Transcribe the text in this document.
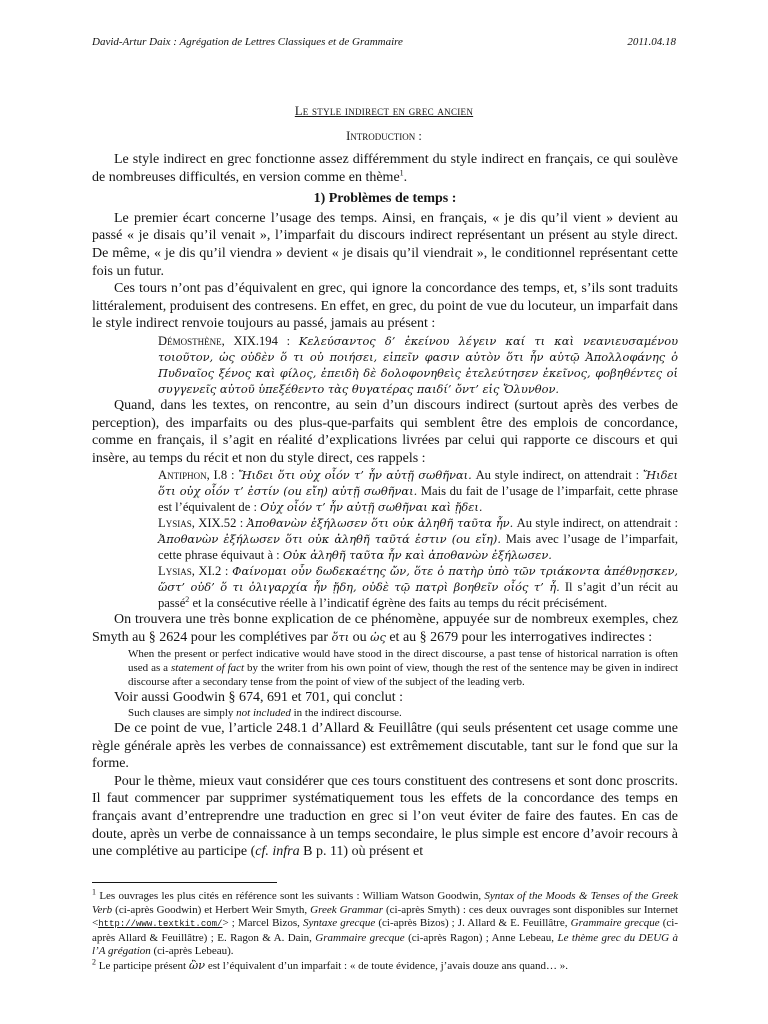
David-Artur Daix : Agrégation de Lettres Classiques et de Grammaire	2011.04.18
Le style indirect en grec ancien
Introduction :

Le style indirect en grec fonctionne assez différemment du style indirect en français, ce qui soulève de nombreuses difficultés, en version comme en thème$^1$.

1) Problèmes de temps :

Le premier écart concerne l’usage des temps. Ainsi, en français, « je dis qu’il vient » devient au passé « je disais qu’il venait », l’imparfait du discours indirect représentant un présent au style direct. De même, « je dis qu’il viendra » devient « je disais qu’il viendrait », le conditionnel représentant cette fois un futur.

Ces tours n’ont pas d’équivalent en grec, qui ignore la concordance des temps, et, s’ils sont traduits littéralement, produisent des contresens. En effet, en grec, du point de vue du locuteur, un imparfait dans le style indirect renvoie toujours au passé, jamais au présent :

Démosthène, XIX.194 : Κελεύσαντος δ’ ἐκείνου λέγειν καί τι καὶ νεανιευσαμένου τοιοῦτον, ὡς οὐδὲν ὅ τι οὐ ποιήσει, εἰπεῖν φασιν αὐτὸν ὅτι ἦν αὐτῷ Ἀπολλοφάνης ὁ Πυδναῖος ξένος καὶ φίλος, ἐπειδὴ δὲ δολοφονηθεὶς ἐτελεύτησεν ἐκεῖνος, φοβηθέντες οἱ συγγενεῖς αὐτοῦ ὑπεξέθεντο τὰς θυγατέρας παιδί’ ὄντ’ εἰς Ὄλυνθον.

Quand, dans les textes, on rencontre, au sein d’un discours indirect (surtout après des verbes de perception), des imparfaits ou des plus-que-parfaits qui semblent être des emplois de concordance, comme en français, il s’agit en réalité d’explications livrées par celui qui rapporte ce discours et qui insère, au temps du récit et non du style direct, ces rappels :

Antiphon, I.8 : Ἤιδει ὅτι οὐχ οἷόν τ’ ἦν αὐτῇ σωθῆναι. Au style indirect, on attendrait : Ἤιδει ὅτι οὐχ οἷόν τ’ ἐστίν (ou εἴη) αὐτῇ σωθῆναι. Mais du fait de l’usage de l’imparfait, cette phrase est l’équivalent de : Οὐχ οἷόν τ’ ἦν αὐτῇ σωθῆναι καὶ ᾔδει.
Lysias, XIX.52 : Ἀποθανὼν ἐξήλωσεν ὅτι οὐκ ἀληθῆ ταῦτα ἦν. Au style indirect, on attendrait : Ἀποθανὼν ἐξήλωσεν ὅτι οὐκ ἀληθῆ ταῦτά ἐστιν (ou εἴη). Mais avec l’usage de l’imparfait, cette phrase équivaut à : Οὐκ ἀληθῆ ταῦτα ἦν καὶ ἀποθανὼν ἐξήλωσεν.
Lysias, XI.2 : Φαίνομαι οὖν δωδεκαέτης ὤν, ὅτε ὁ πατὴρ ὑπὸ τῶν τριάκοντα ἀπέθνῃσκεν, ὥστ’ οὐδ’ ὅ τι ὀλιγαρχία ἦν ᾔδη, οὐδὲ τῷ πατρὶ βοηθεῖν οἷός τ’ ἦ. Il s’agit d’un récit au passé$^2$ et la consécutive réelle à l’indicatif égrène des faits au temps du récit précisément.

On trouvera une très bonne explication de ce phénomène, appuyée sur de nombreux exemples, chez Smyth au § 2624 pour les complétives par ὅτι ou ὡς et au § 2679 pour les interrogatives indirectes :

When the present or perfect indicative would have stood in the direct discourse, a past tense of historical narration is often used as a statement of fact by the writer from his own point of view, though the rest of the sentence may be given in indirect discourse after a secondary tense from the point of view of the subject of the leading verb.

Voir aussi Goodwin § 674, 691 et 701, qui conclut :

Such clauses are simply not included in the indirect discourse.

De ce point de vue, l’article 248.1 d’Allard & Feuillâtre (qui seuls présentent cet usage comme une règle générale après les verbes de connaissance) est extrêmement discutable, tant sur le fond que sur la forme.

Pour le thème, mieux vaut considérer que ces tours constituent des contresens et sont donc proscrits. Il faut commencer par supprimer systématiquement tous les effets de la concordance des temps en français avant d’entreprendre une traduction en grec si l’on veut éviter de faire des fautes. En cas de doute, après un verbe de connaissance à un temps secondaire, le plus simple est encore d’avoir recours à une complétive au participe (cf. infra B p. 11) où présent et

$^1$ Les ouvrages les plus cités en référence sont les suivants : William Watson Goodwin, Syntax of the Moods & Tenses of the Greek Verb (ci-après Goodwin) et Herbert Weir Smyth, Greek Grammar (ci-après Smyth) : ces deux ouvrages sont disponibles sur Internet <http://www.textkit.com/> ; Marcel Bizos, Syntaxe grecque (ci-après Bizos) ; J. Allard & E. Feuillâtre, Grammaire grecque (ci-après Allard & Feuillâtre) ; E. Ragon & A. Dain, Grammaire grecque (ci-après Ragon) ; Anne Lebeau, Le thème grec du DEUG à l’A grégation (ci-après Lebeau).
$^2$ Le participe présent ὢν est l’équivalent d’un imparfait : « de toute évidence, j’avais douze ans quand… ».
